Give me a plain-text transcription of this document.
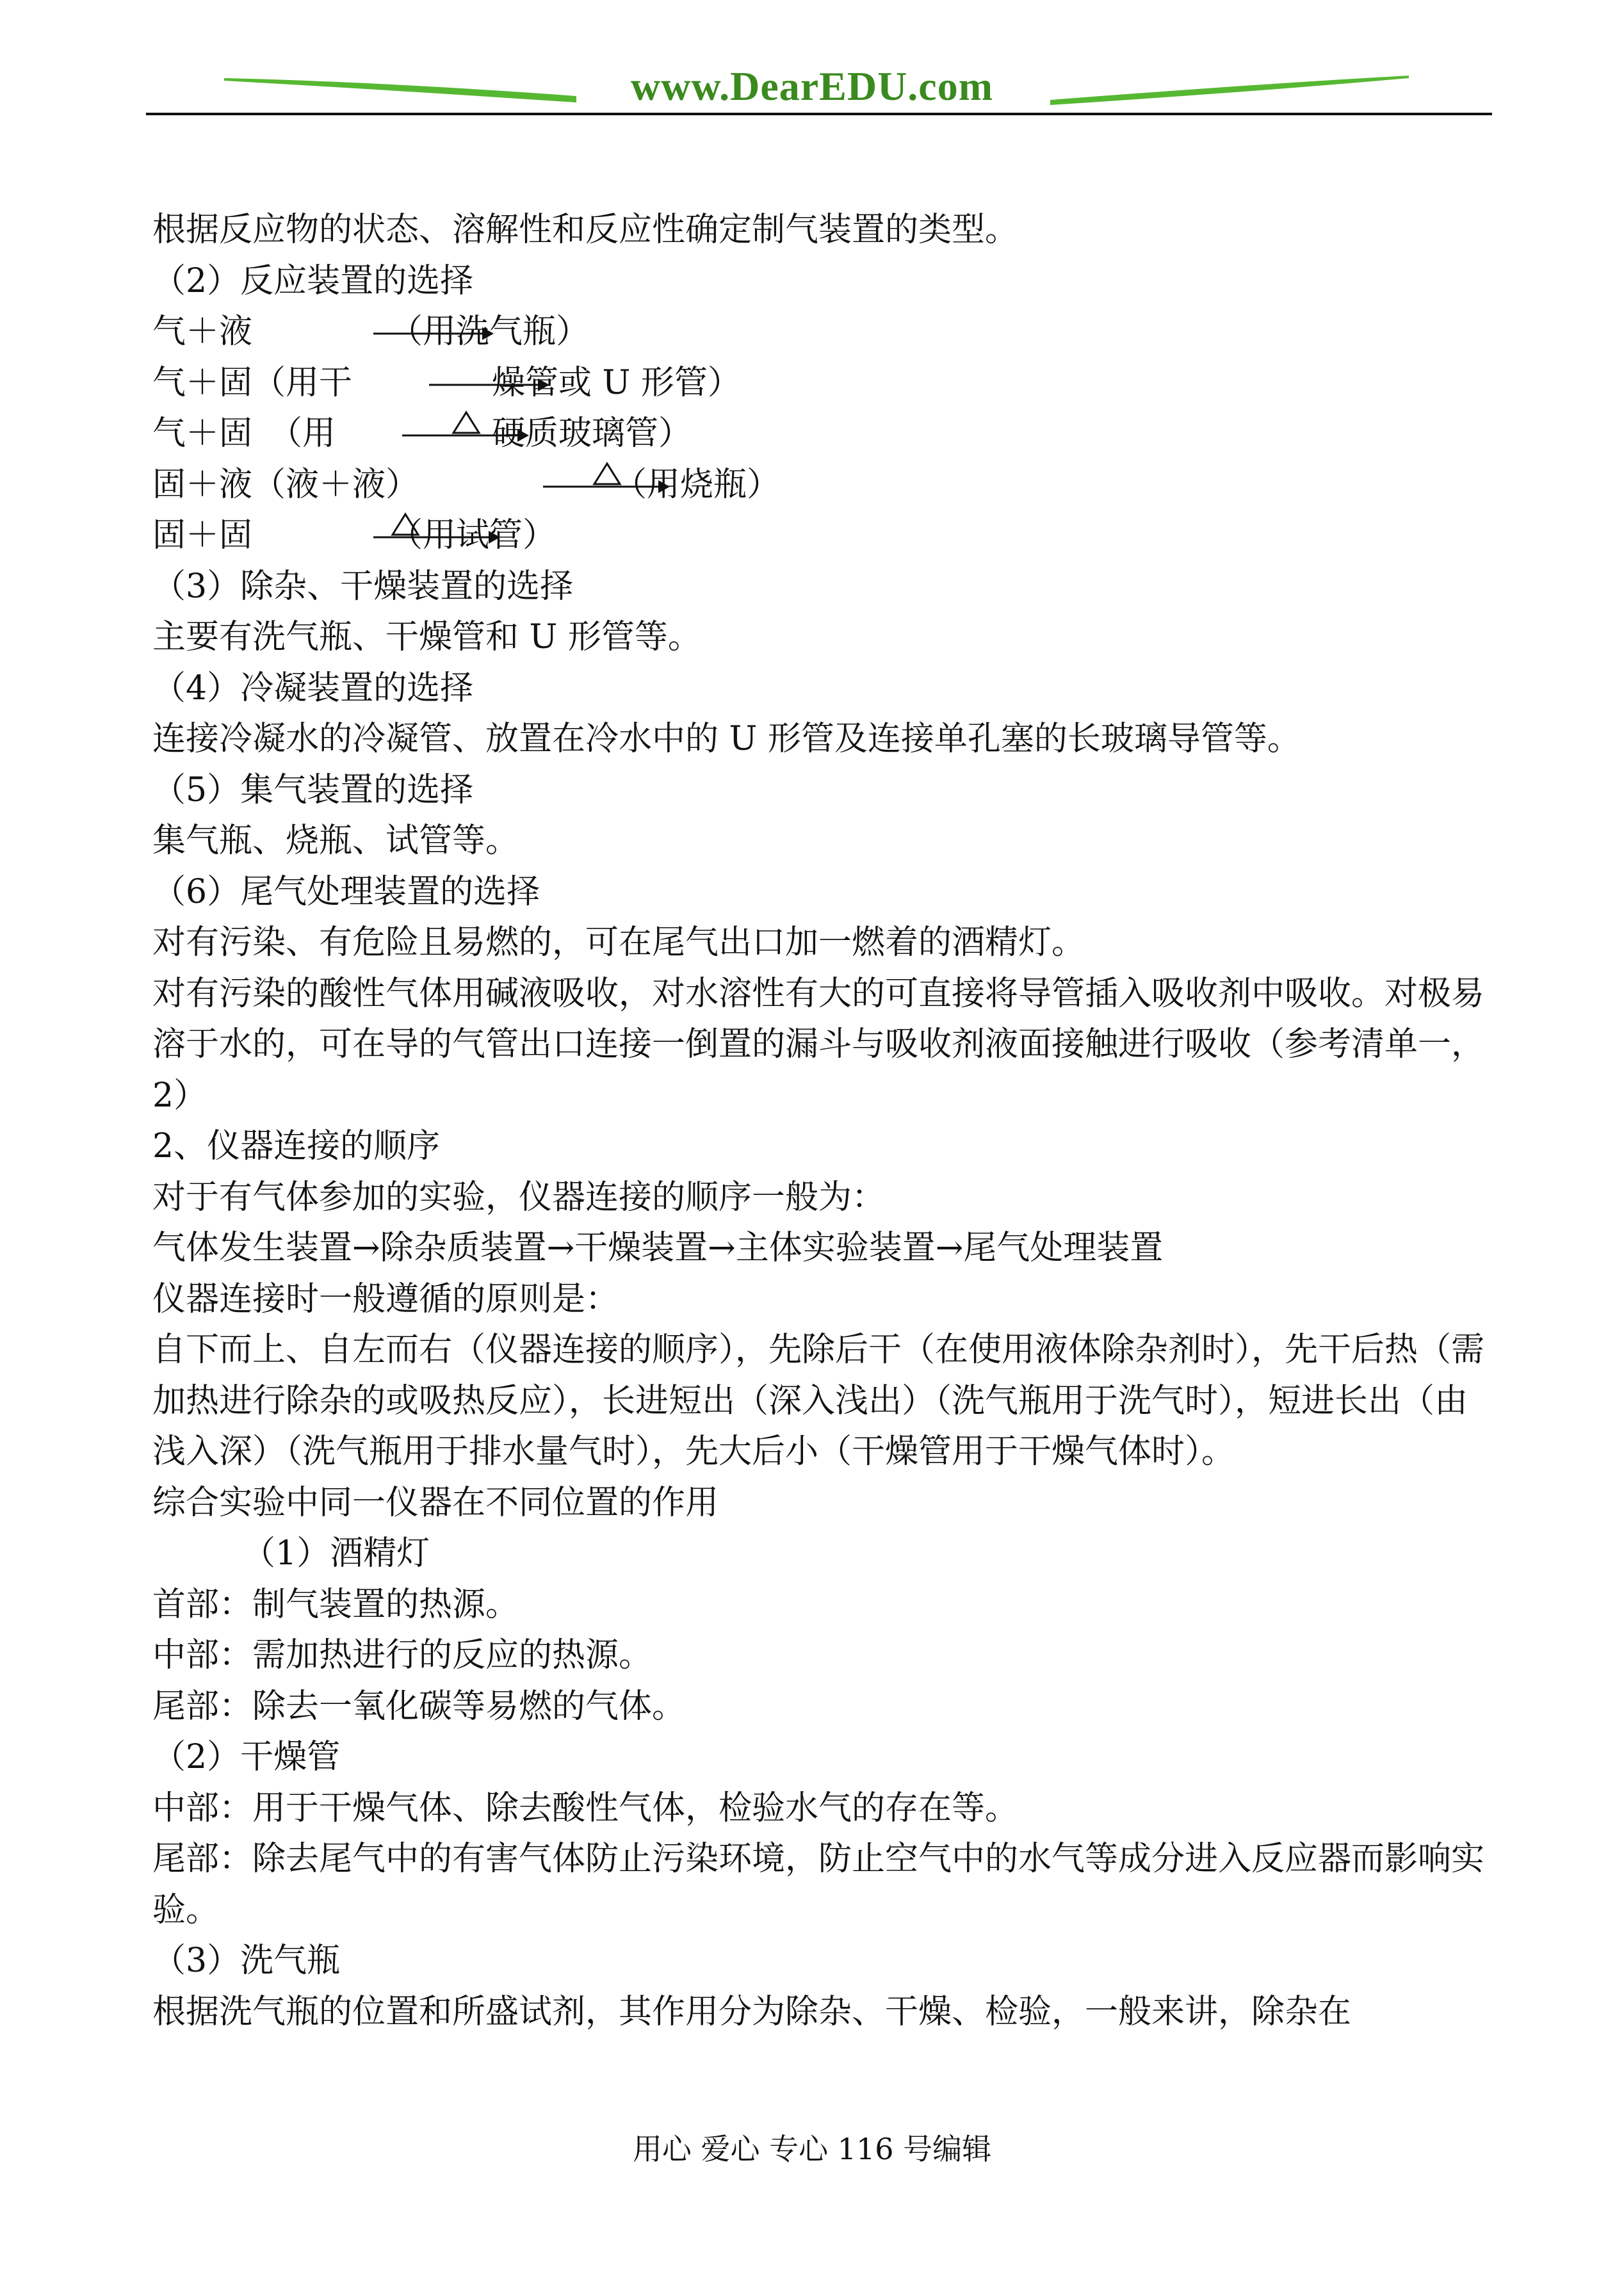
www.DearEDU.com
根据反应物的状态、溶解性和反应性确定制气装置的类型。
（2）反应装置的选择
气＋液	（用洗气瓶）
气＋固（用干	燥管或 U 形管）
气＋固　（用	硬质玻璃管）
固＋液（液＋液）	（用烧瓶）
固＋固	（用试管）
（3）除杂、干燥装置的选择
主要有洗气瓶、干燥管和 U 形管等。
（4）冷凝装置的选择
连接冷凝水的冷凝管、放置在冷水中的 U 形管及连接单孔塞的长玻璃导管等。
（5）集气装置的选择
集气瓶、烧瓶、试管等。
（6）尾气处理装置的选择
对有污染、有危险且易燃的，可在尾气出口加一燃着的酒精灯。
对有污染的酸性气体用碱液吸收，对水溶性有大的可直接将导管插入吸收剂中吸收。对极易溶于水的，可在导的气管出口连接一倒置的漏斗与吸收剂液面接触进行吸收（参考清单一，2）
2、仪器连接的顺序
对于有气体参加的实验，仪器连接的顺序一般为：
气体发生装置→除杂质装置→干燥装置→主体实验装置→尾气处理装置
仪器连接时一般遵循的原则是：
自下而上、自左而右（仪器连接的顺序），先除后干（在使用液体除杂剂时），先干后热（需加热进行除杂的或吸热反应），长进短出（深入浅出）（洗气瓶用于洗气时），短进长出（由浅入深）（洗气瓶用于排水量气时），先大后小（干燥管用于干燥气体时）。
综合实验中同一仪器在不同位置的作用
（1）酒精灯
首部：制气装置的热源。
中部：需加热进行的反应的热源。
尾部：除去一氧化碳等易燃的气体。
（2）干燥管
中部：用于干燥气体、除去酸性气体，检验水气的存在等。
尾部：除去尾气中的有害气体防止污染环境，防止空气中的水气等成分进入反应器而影响实验。
（3）洗气瓶
根据洗气瓶的位置和所盛试剂，其作用分为除杂、干燥、检验，一般来讲，除杂在
用心 爱心 专心 116 号编辑
